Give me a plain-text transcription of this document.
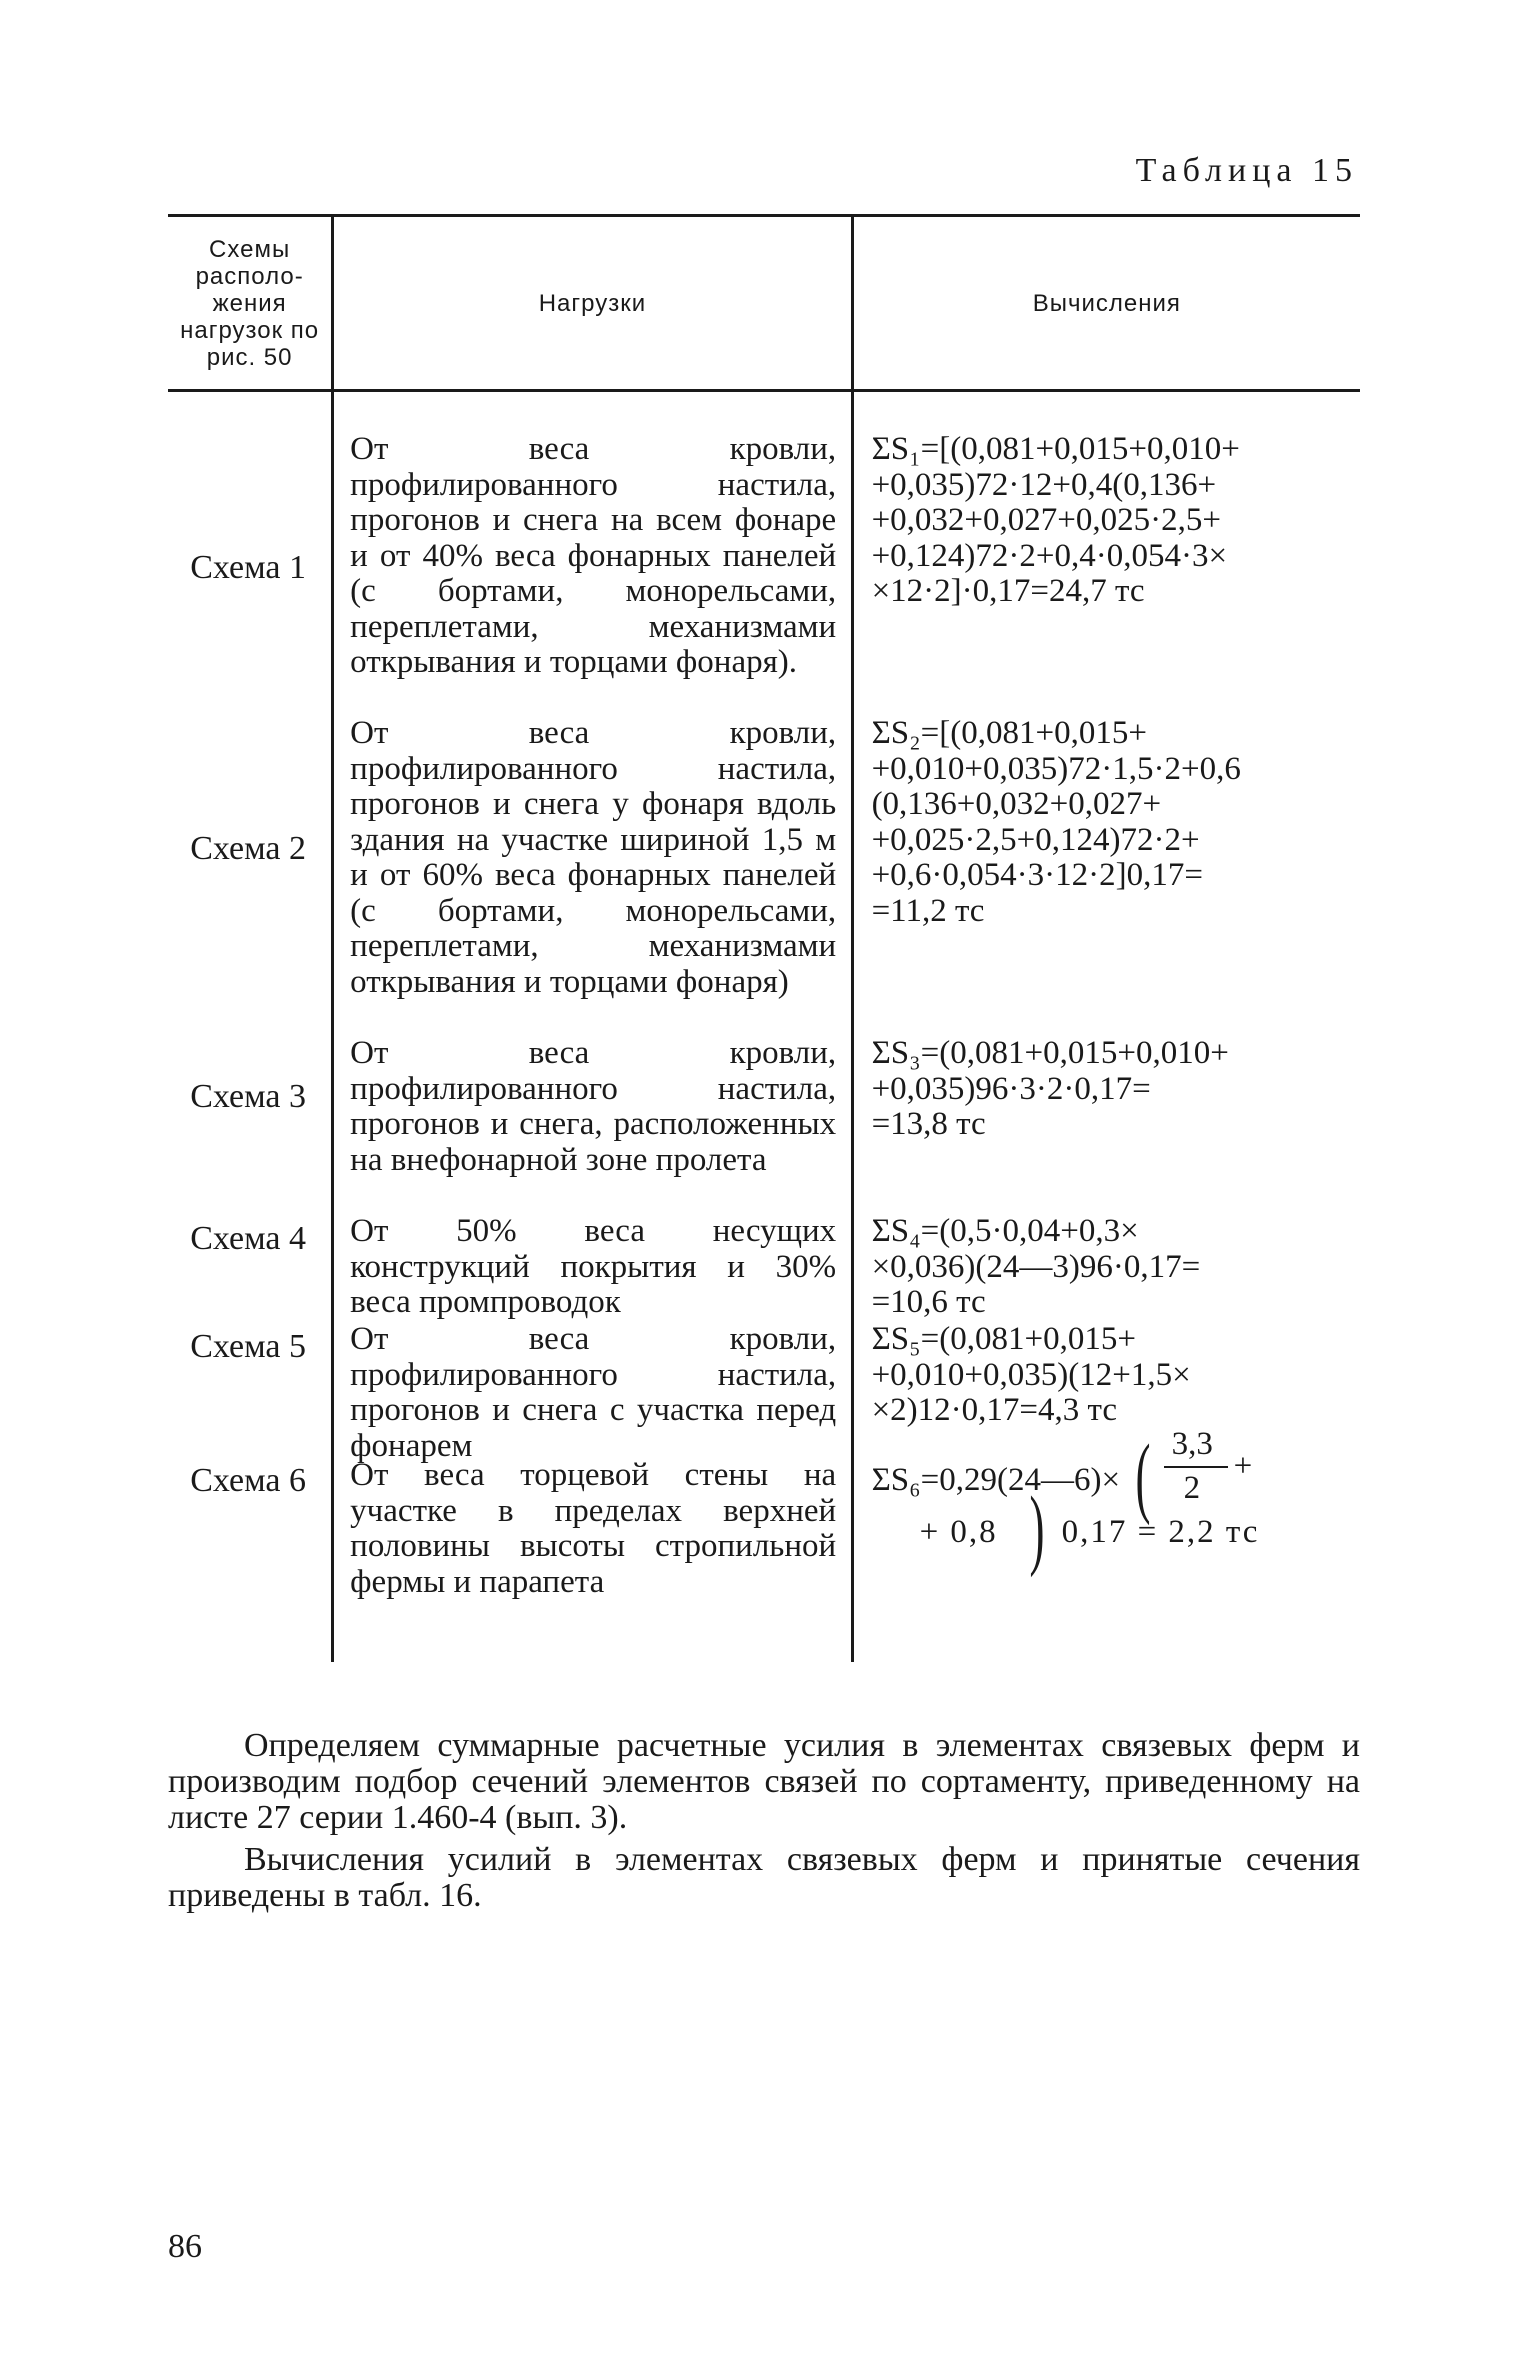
Таблица 15
Схемы располо-жения нагрузок по рис. 50
Нагрузки	Вычисления
Схема 1
Схема 2
Схема 3
Схема 4
Схема 5
Схема 6
От веса кровли, профилированного настила, прогонов и снега на всем фонаре и от 40% веса фонарных панелей (с бортами, монорельсами, переплетами, механизмами открывания и торцами фонаря).
От веса кровли, профилированного настила, прогонов и снега у фонаря вдоль здания на участке шириной 1,5 м и от 60% веса фонарных панелей (с бортами, монорельсами, переплетами, механизмами открывания и торцами фонаря)
От веса кровли, профилированного настила, прогонов и снега, расположенных на внефонарной зоне пролета
От 50% веса несущих конструкций покрытия и 30% веса промпроводок
От веса кровли, профилированного настила, прогонов и снега с участка перед фонарем
От веса торцевой стены на участке в пределах верхней половины высоты стропильной фермы и парапета
ΣS₁=[(0,081+0,015+0,010+
+0,035)72·12+0,4(0,136+
+0,032+0,027+0,025·2,5+
+0,124)72·2+0,4·0,054·3×
×12·2]·0,17=24,7 тс
ΣS₂=[(0,081+0,015+
+0,010+0,035)72·1,5·2+0,6
(0,136+0,032+0,027+
+0,025·2,5+0,124)72·2+
+0,6·0,054·3·12·2]0,17=
=11,2 тс
ΣS₃=(0,081+0,015+0,010+
+0,035)96·3·2·0,17=
=13,8 тс
ΣS₄=(0,5·0,04+0,3×
×0,036)(24—3)96·0,17=
=10,6 тс
ΣS₅=(0,081+0,015+
+0,010+0,035)(12+1,5×
×2)12·0,17=4,3 тс
ΣS₆=0,29(24—6)× ( 3,3
2
+
+ 0,8 ) 0,17 = 2,2 тс
Определяем суммарные расчетные усилия в элементах связевых ферм и производим подбор сечений элементов связей по сортаменту, приведенному на листе 27 серии 1.460-4 (вып. 3).
Вычисления усилий в элементах связевых ферм и принятые сечения приведены в табл. 16.
86
